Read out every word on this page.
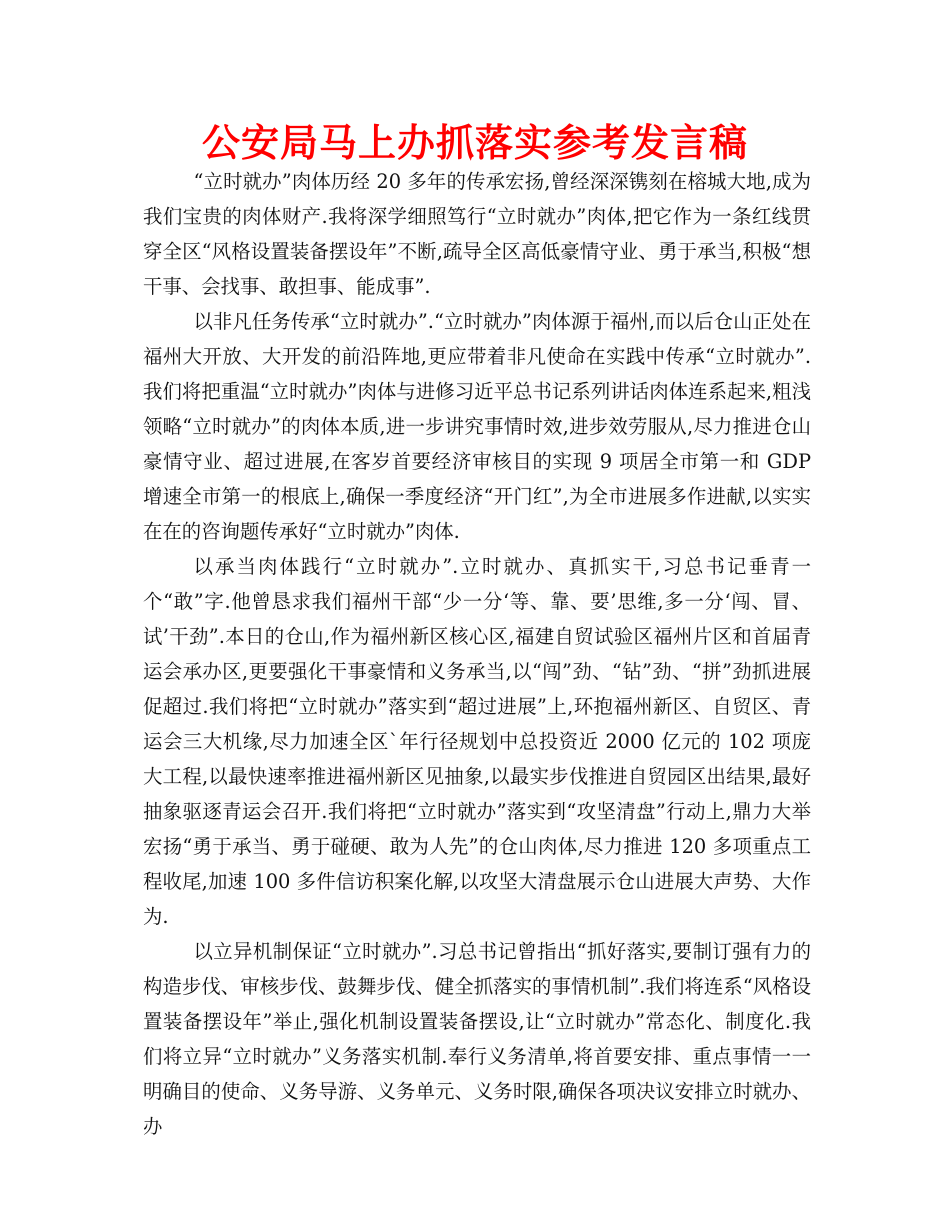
公安局马上办抓落实参考发言稿

“立时就办”肉体历经 20 多年的传承宏扬,曾经深深镌刻在榕城大地,成为我们宝贵的肉体财产.我将深学细照笃行“立时就办”肉体,把它作为一条红线贯穿全区“风格设置装备摆设年”不断,疏导全区高低豪情守业、勇于承当,积极“想干事、会找事、敢担事、能成事”.

以非凡任务传承“立时就办”.“立时就办”肉体源于福州,而以后仓山正处在福州大开放、大开发的前沿阵地,更应带着非凡使命在实践中传承“立时就办”.我们将把重温“立时就办”肉体与进修习近平总书记系列讲话肉体连系起来,粗浅领略“立时就办”的肉体本质,进一步讲究事情时效,进步效劳服从,尽力推进仓山豪情守业、超过进展,在客岁首要经济审核目的实现 9 项居全市第一和 GDP 增速全市第一的根底上,确保一季度经济“开门红”,为全市进展多作进献,以实实在在的咨询题传承好“立时就办”肉体.

以承当肉体践行“立时就办”.立时就办、真抓实干,习总书记垂青一个“敢”字.他曾恳求我们福州干部“少一分‘等、靠、要’思维,多一分‘闯、冒、试’干劲”.本日的仓山,作为福州新区核心区,福建自贸试验区福州片区和首届青运会承办区,更要强化干事豪情和义务承当,以“闯”劲、“钻”劲、“拼”劲抓进展促超过.我们将把“立时就办”落实到“超过进展”上,环抱福州新区、自贸区、青运会三大机缘,尽力加速全区`年行径规划中总投资近 2000 亿元的 102 项庞大工程,以最快速率推进福州新区见抽象,以最实步伐推进自贸园区出结果,最好抽象驱逐青运会召开.我们将把“立时就办”落实到“攻坚清盘”行动上,鼎力大举宏扬“勇于承当、勇于碰硬、敢为人先”的仓山肉体,尽力推进 120 多项重点工程收尾,加速 100 多件信访积案化解,以攻坚大清盘展示仓山进展大声势、大作为.

以立异机制保证“立时就办”.习总书记曾指出“抓好落实,要制订强有力的构造步伐、审核步伐、鼓舞步伐、健全抓落实的事情机制”.我们将连系“风格设置装备摆设年”举止,强化机制设置装备摆设,让“立时就办”常态化、制度化.我们将立异“立时就办”义务落实机制.奉行义务清单,将首要安排、重点事情一一明确目的使命、义务导游、义务单元、义务时限,确保各项决议安排立时就办、办
